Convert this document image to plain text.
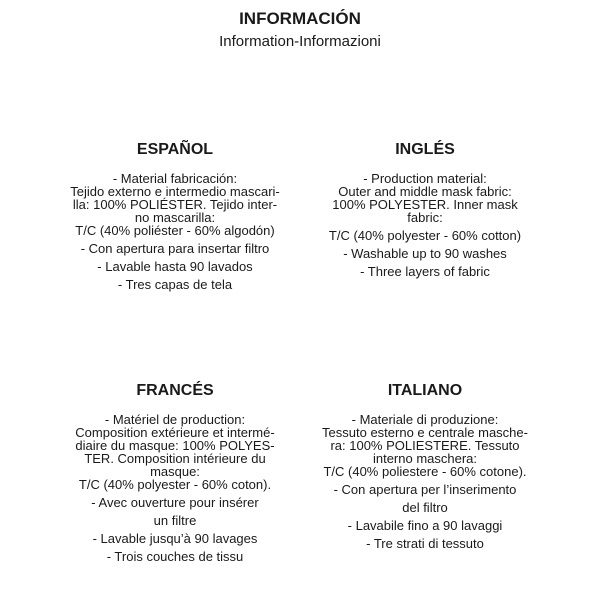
INFORMACIÓN

Information-Informazioni

ESPAÑOL

- Material fabricación:

Tejido externo e intermedio mascari-

lla: 100% POLIÉSTER. Tejido inter-

no mascarilla:

T/C (40% poliéster - 60% algodón)

- Con apertura para insertar filtro

- Lavable hasta 90 lavados

- Tres capas de tela

INGLÉS

- Production material:

Outer and middle mask fabric:

100% POLYESTER. Inner mask

fabric:

T/C (40% polyester - 60% cotton)

- Washable up to 90 washes

- Three layers of fabric

FRANCÉS

- Matériel de production:

Composition extérieure et intermé-

diaire du masque: 100% POLYES-

TER. Composition intérieure du

masque:

T/C (40% polyester - 60% coton).

- Avec ouverture pour insérer

un filtre

- Lavable jusqu’à 90 lavages

- Trois couches de tissu

ITALIANO

- Materiale di produzione:

Tessuto esterno e centrale masche-

ra: 100% POLIESTERE. Tessuto

interno maschera:

T/C (40% poliestere - 60% cotone).

- Con apertura per l’inserimento

del filtro

- Lavabile fino a 90 lavaggi

- Tre strati di tessuto
